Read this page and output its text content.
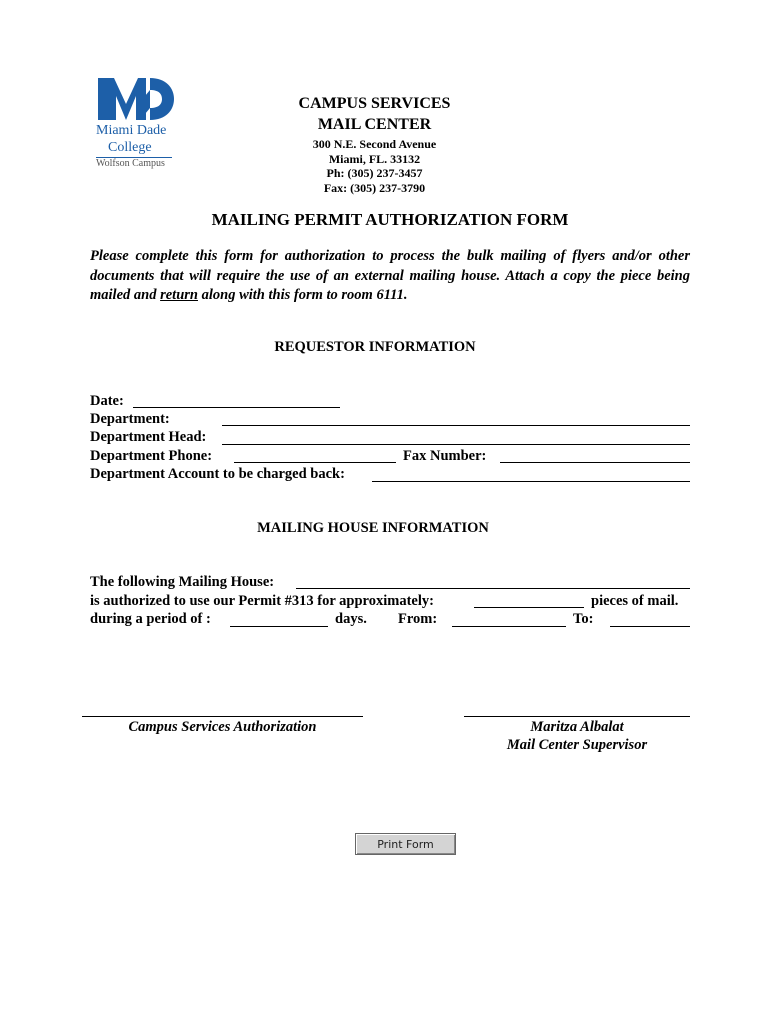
Miami Dade
College
Wolfson Campus
CAMPUS SERVICES
MAIL CENTER
300 N.E. Second Avenue
Miami, FL. 33132
Ph: (305) 237-3457
Fax: (305) 237-3790
MAILING PERMIT AUTHORIZATION FORM
Please complete this form for authorization to process the bulk mailing of flyers and/or other documents that will require the use of an external mailing house. Attach a copy the piece being mailed and return along with this form to room 6111.
REQUESTOR INFORMATION
Date:
Department:
Department Head:
Department Phone:	Fax Number:
Department Account to be charged back:
MAILING HOUSE INFORMATION
The following Mailing House:
is authorized to use our Permit #313 for approximately:	pieces of mail.
during a period of :	days. From:	To:
Campus Services Authorization	Maritza Albalat
Mail Center Supervisor
Print Form
